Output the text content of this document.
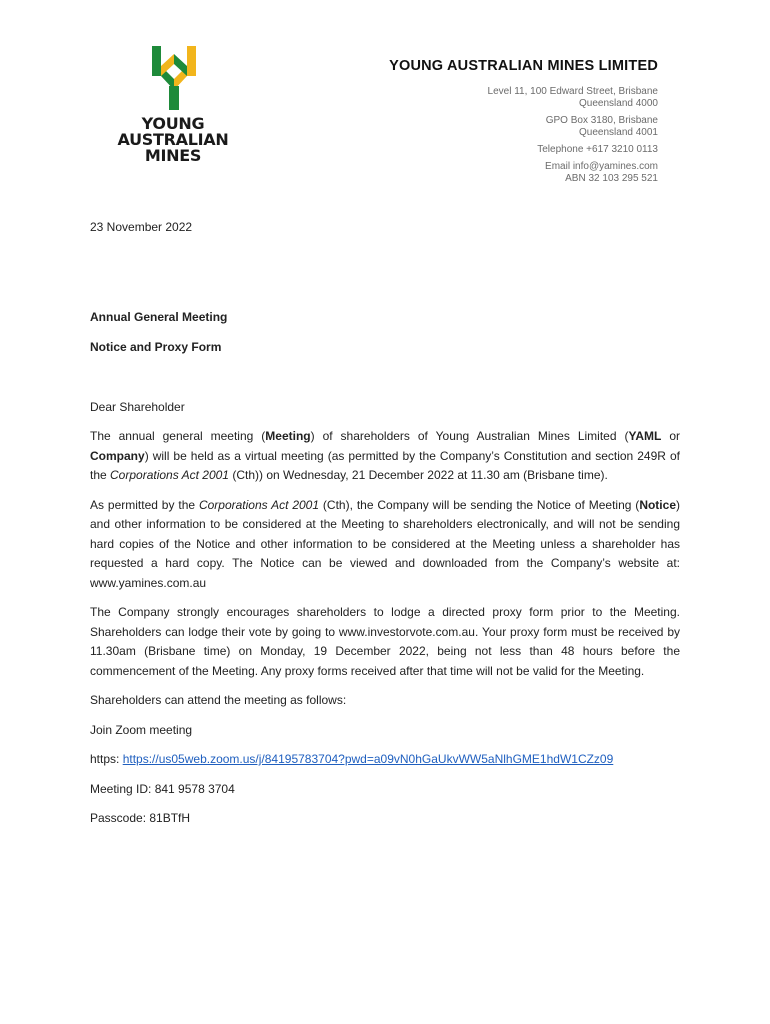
YOUNG
AUSTRALIAN
MINES
YOUNG AUSTRALIAN MINES LIMITED
Level 11, 100 Edward Street, Brisbane
Queensland 4000
GPO Box 3180, Brisbane
Queensland 4001
Telephone +617 3210 0113
Email info@yamines.com
ABN 32 103 295 521

23 November 2022

Annual General Meeting

Notice and Proxy Form

Dear Shareholder

The annual general meeting (Meeting) of shareholders of Young Australian Mines Limited (YAML or Company) will be held as a virtual meeting (as permitted by the Company’s Constitution and section 249R of the Corporations Act 2001 (Cth)) on Wednesday, 21 December 2022 at 11.30 am (Brisbane time).

As permitted by the Corporations Act 2001 (Cth), the Company will be sending the Notice of Meeting (Notice) and other information to be considered at the Meeting to shareholders electronically, and will not be sending hard copies of the Notice and other information to be considered at the Meeting unless a shareholder has requested a hard copy. The Notice can be viewed and downloaded from the Company’s website at: www.yamines.com.au

The Company strongly encourages shareholders to lodge a directed proxy form prior to the Meeting. Shareholders can lodge their vote by going to www.investorvote.com.au. Your proxy form must be received by 11.30am (Brisbane time) on Monday, 19 December 2022, being not less than 48 hours before the commencement of the Meeting. Any proxy forms received after that time will not be valid for the Meeting.

Shareholders can attend the meeting as follows:

Join Zoom meeting

https: https://us05web.zoom.us/j/84195783704?pwd=a09vN0hGaUkvWW5aNlhGME1hdW1CZz09

Meeting ID: 841 9578 3704

Passcode: 81BTfH
